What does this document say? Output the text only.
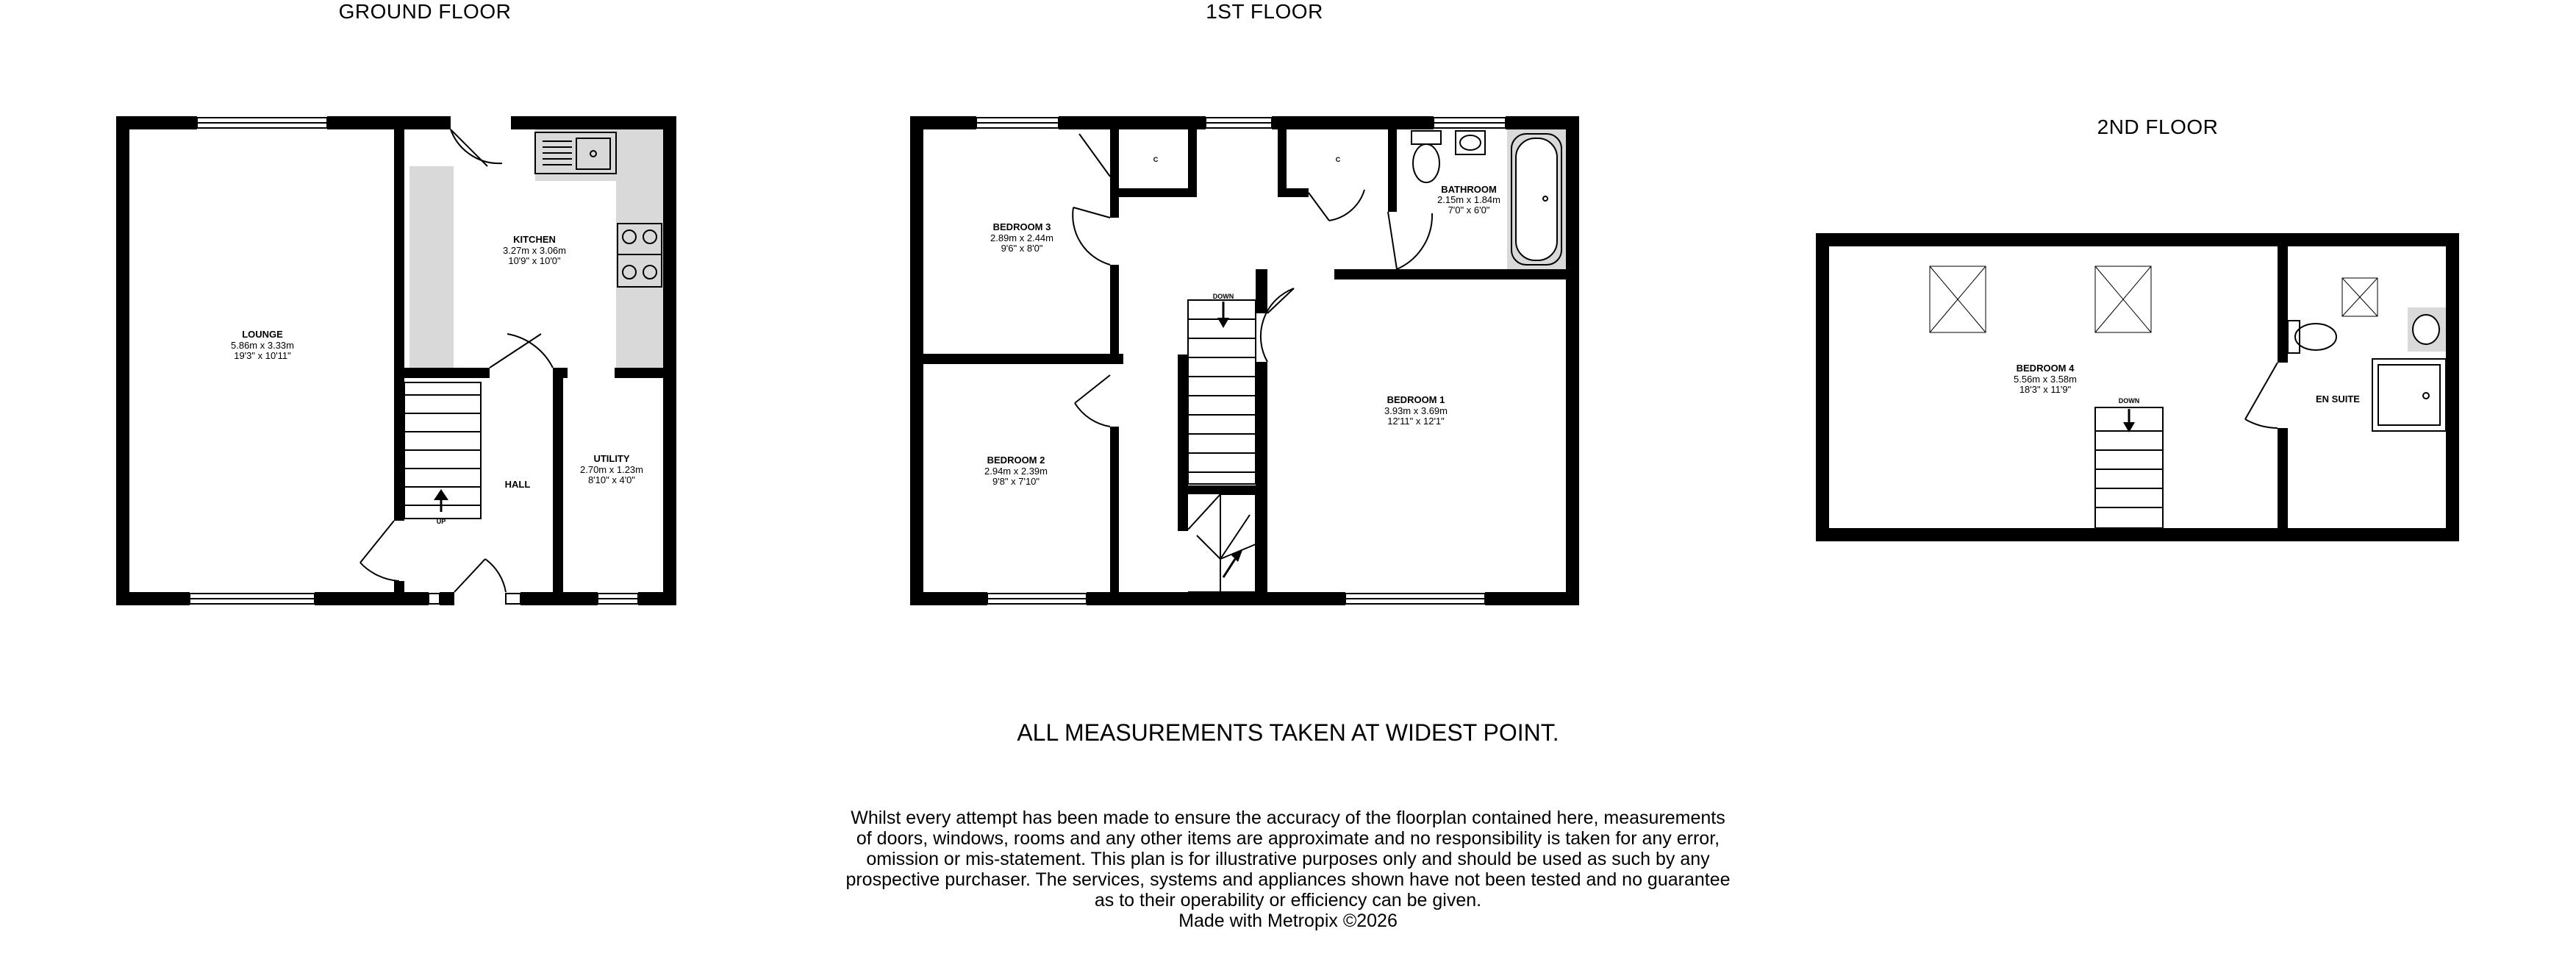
GROUND FLOOR
UP
LOUNGE
5.86m x 3.33m
19'3" x 10'11"
KITCHEN
3.27m x 3.06m
10'9" x 10'0"
UTILITY
2.70m x 1.23m
8'10" x 4'0"
HALL
1ST FLOOR
DOWN
C	C
BEDROOM 3
2.89m x 2.44m
9'6" x 8'0"
BATHROOM
2.15m x 1.84m
7'0" x 6'0"
BEDROOM 1
3.93m x 3.69m
12'11" x 12'1"
BEDROOM 2
2.94m x 2.39m
9'8" x 7'10"
2ND FLOOR
DOWN
BEDROOM 4
5.56m x 3.58m
18'3" x 11'9"
EN SUITE
ALL MEASUREMENTS TAKEN AT WIDEST POINT.
Whilst every attempt has been made to ensure the accuracy of the floorplan contained here, measurements
of doors, windows, rooms and any other items are approximate and no responsibility is taken for any error,
omission or mis-statement. This plan is for illustrative purposes only and should be used as such by any
prospective purchaser. The services, systems and appliances shown have not been tested and no guarantee
as to their operability or efficiency can be given.
Made with Metropix ©2026
